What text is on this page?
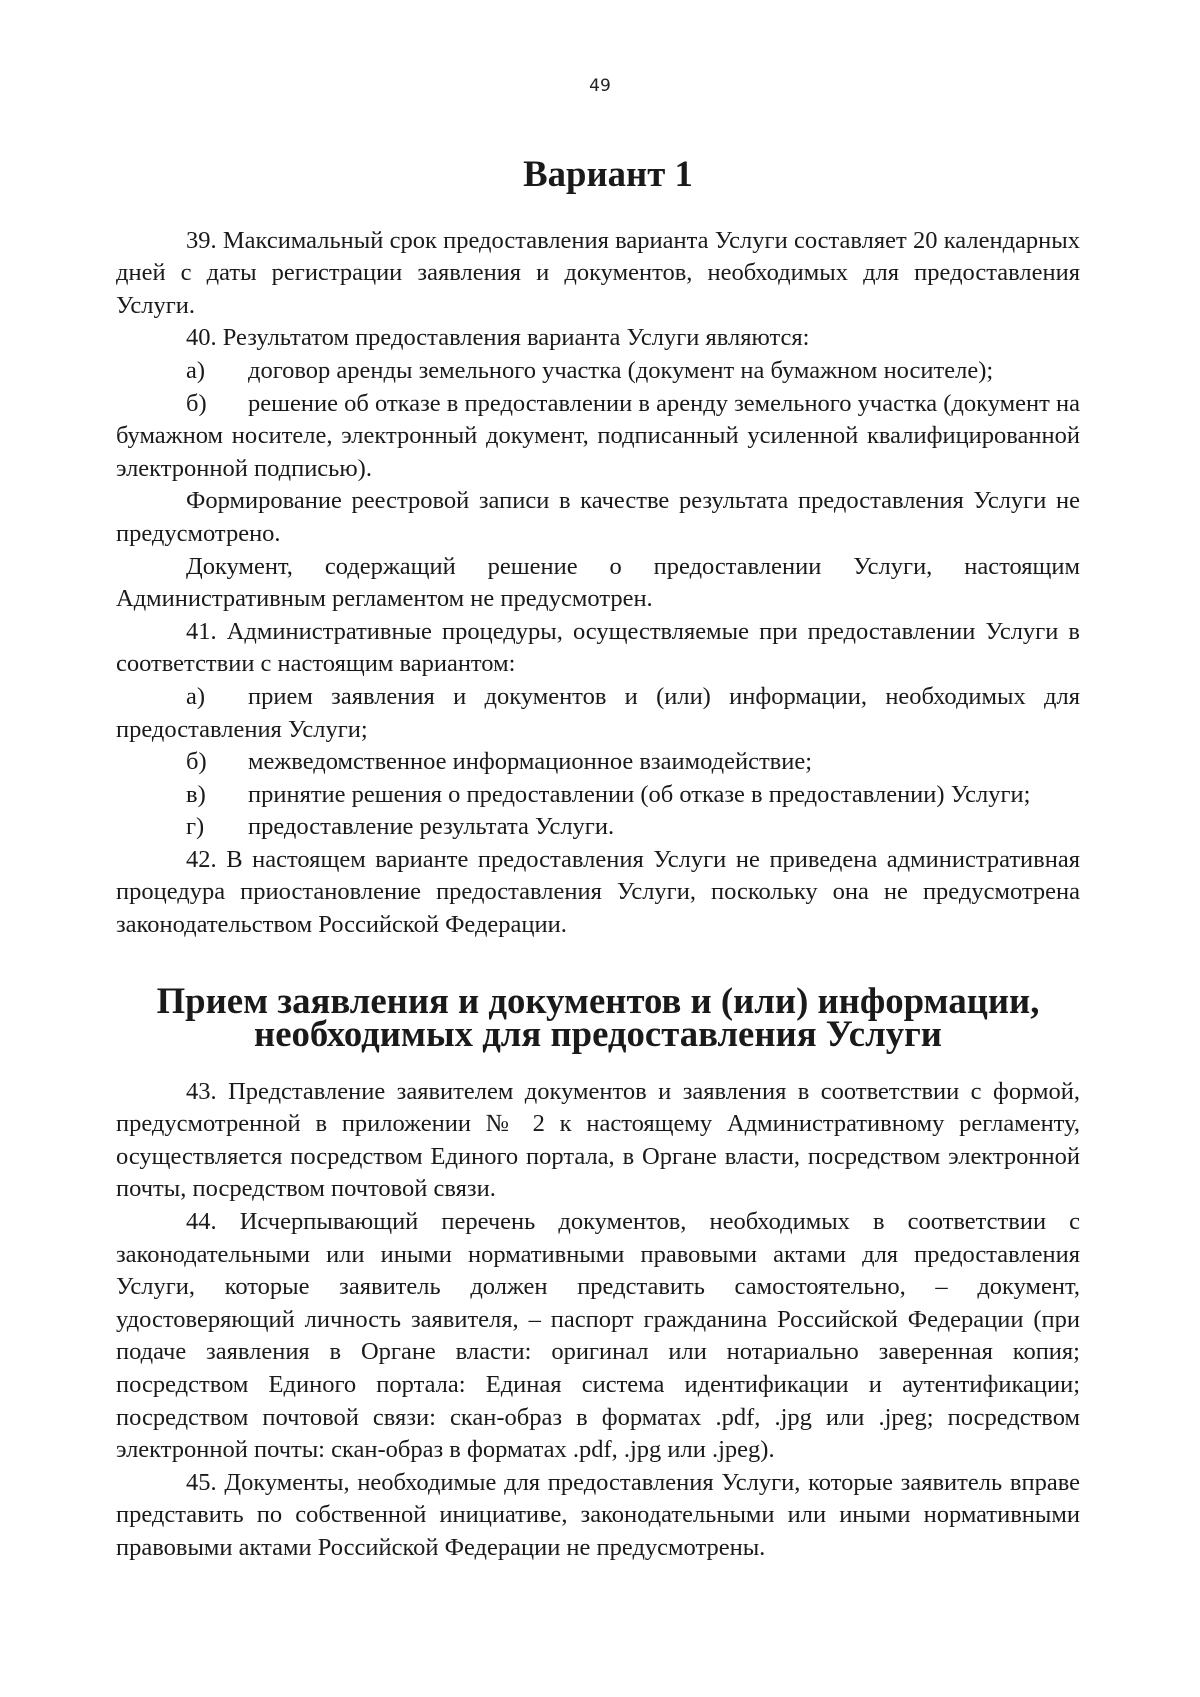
49
Вариант 1

39. Максимальный срок предоставления варианта Услуги составляет 20 календарных дней с даты регистрации заявления и документов, необходимых для предоставления Услуги.

40. Результатом предоставления варианта Услуги являются:

а) договор аренды земельного участка (документ на бумажном носителе);

б) решение об отказе в предоставлении в аренду земельного участка (документ на бумажном носителе, электронный документ, подписанный усиленной квалифицированной электронной подписью).

Формирование реестровой записи в качестве результата предоставления Услуги не предусмотрено.

Документ, содержащий решение о предоставлении Услуги, настоящим Административным регламентом не предусмотрен.

41. Административные процедуры, осуществляемые при предоставлении Услуги в соответствии с настоящим вариантом:

а) прием заявления и документов и (или) информации, необходимых для предоставления Услуги;

б) межведомственное информационное взаимодействие;

в) принятие решения о предоставлении (об отказе в предоставлении) Услуги;

г) предоставление результата Услуги.

42. В настоящем варианте предоставления Услуги не приведена административная процедура приостановление предоставления Услуги, поскольку она не предусмотрена законодательством Российской Федерации.

Прием заявления и документов и (или) информации, необходимых для предоставления Услуги

43. Представление заявителем документов и заявления в соответствии с формой, предусмотренной в приложении № 2 к настоящему Административному регламенту, осуществляется посредством Единого портала, в Органе власти, посредством электронной почты, посредством почтовой связи.

44. Исчерпывающий перечень документов, необходимых в соответствии с законодательными или иными нормативными правовыми актами для предоставления Услуги, которые заявитель должен представить самостоятельно, – документ, удостоверяющий личность заявителя, – паспорт гражданина Российской Федерации (при подаче заявления в Органе власти: оригинал или нотариально заверенная копия; посредством Единого портала: Единая система идентификации и аутентификации; посредством почтовой связи: скан-образ в форматах .pdf, .jpg или .jpeg; посредством электронной почты: скан-образ в форматах .pdf, .jpg или .jpeg).

45. Документы, необходимые для предоставления Услуги, которые заявитель вправе представить по собственной инициативе, законодательными или иными нормативными правовыми актами Российской Федерации не предусмотрены.
